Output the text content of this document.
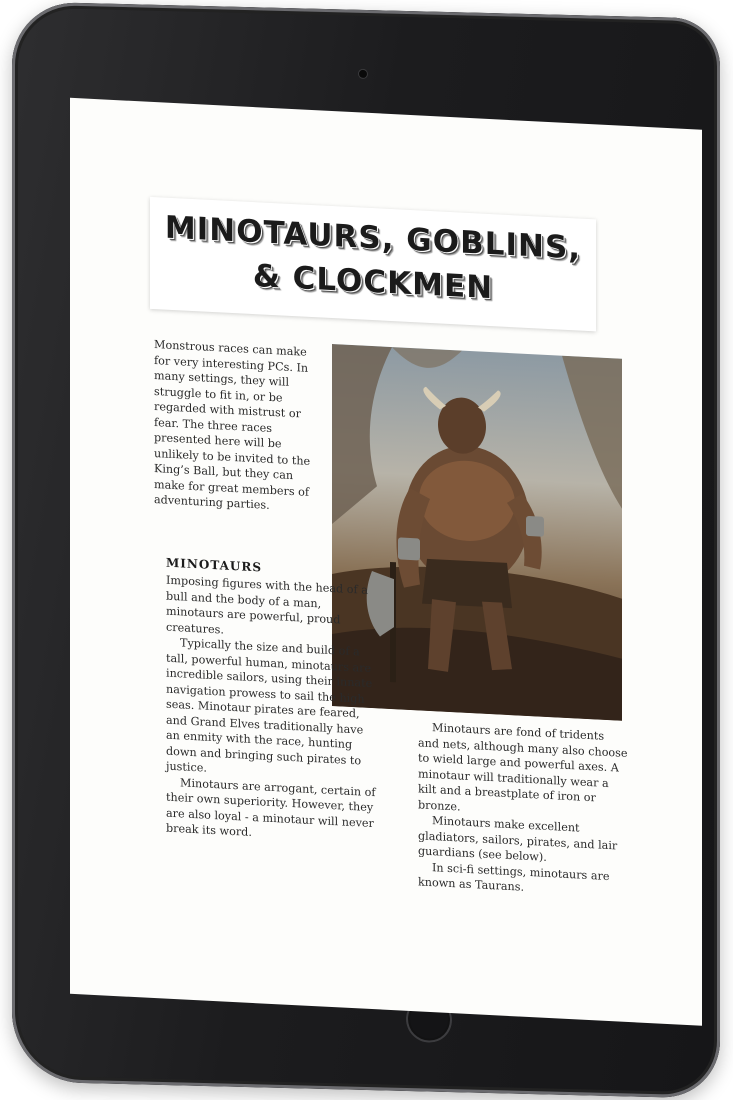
MINOTAURS, GOBLINS,
& CLOCKMEN

Monstrous races can make for very interesting PCs. In many settings, they will struggle to fit in, or be regarded with mistrust or fear. The three races presented here will be unlikely to be invited to the King’s Ball, but they can make for great members of adventuring parties.

minotaurs

Imposing figures with the head of a bull and the body of a man, minotaurs are powerful, proud creatures.

Typically the size and build of a tall, powerful human, minotaurs are incredible sailors, using their innate navigation prowess to sail the high seas. Minotaur pirates are feared, and Grand Elves traditionally have an enmity with the race, hunting down and bringing such pirates to justice.

Minotaurs are arrogant, certain of their own superiority. However, they are also loyal - a minotaur will never break its word.

Minotaurs are fond of tridents and nets, although many also choose to wield large and powerful axes. A minotaur will traditionally wear a kilt and a breastplate of iron or bronze.

Minotaurs make excellent gladiators, sailors, pirates, and lair guardians (see below).

In sci-fi settings, minotaurs are known as Taurans.
